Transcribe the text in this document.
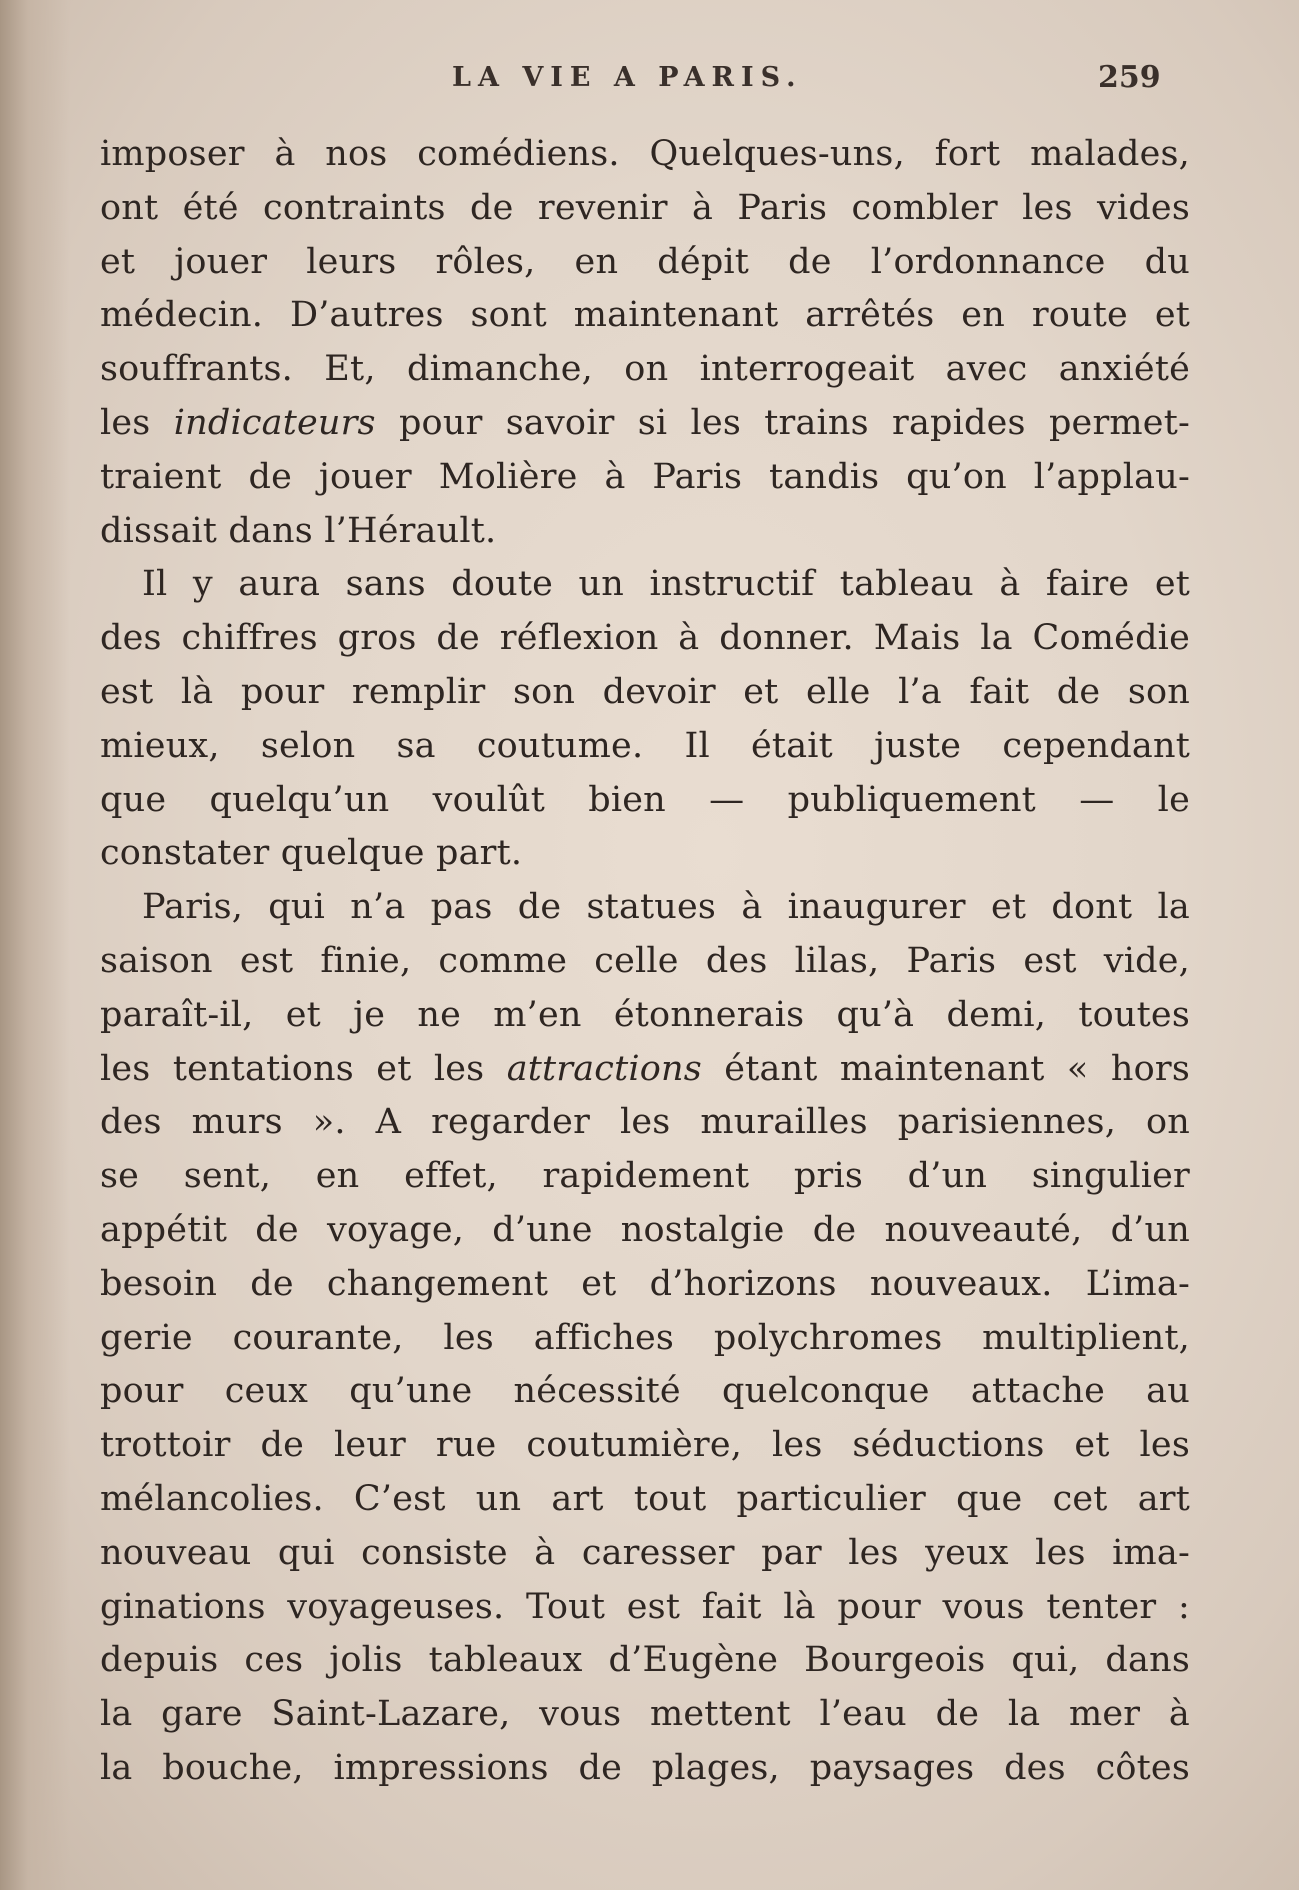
LA VIE A PARIS.	259
imposer à nos comédiens. Quelques-uns, fort malades,
ont été contraints de revenir à Paris combler les vides
et jouer leurs rôles, en dépit de l’ordonnance du
médecin. D’autres sont maintenant arrêtés en route et
souffrants. Et, dimanche, on interrogeait avec anxiété
les indicateurs pour savoir si les trains rapides permet-
traient de jouer Molière à Paris tandis qu’on l’applau-
dissait dans l’Hérault.
Il y aura sans doute un instructif tableau à faire et
des chiffres gros de réflexion à donner. Mais la Comédie
est là pour remplir son devoir et elle l’a fait de son
mieux, selon sa coutume. Il était juste cependant
que quelqu’un voulût bien — publiquement — le
constater quelque part.
Paris, qui n’a pas de statues à inaugurer et dont la
saison est finie, comme celle des lilas, Paris est vide,
paraît-il, et je ne m’en étonnerais qu’à demi, toutes
les tentations et les attractions étant maintenant « hors
des murs ». A regarder les murailles parisiennes, on
se sent, en effet, rapidement pris d’un singulier
appétit de voyage, d’une nostalgie de nouveauté, d’un
besoin de changement et d’horizons nouveaux. L’ima-
gerie courante, les affiches polychromes multiplient,
pour ceux qu’une nécessité quelconque attache au
trottoir de leur rue coutumière, les séductions et les
mélancolies. C’est un art tout particulier que cet art
nouveau qui consiste à caresser par les yeux les ima-
ginations voyageuses. Tout est fait là pour vous tenter :
depuis ces jolis tableaux d’Eugène Bourgeois qui, dans
la gare Saint-Lazare, vous mettent l’eau de la mer à
la bouche, impressions de plages, paysages des côtes
